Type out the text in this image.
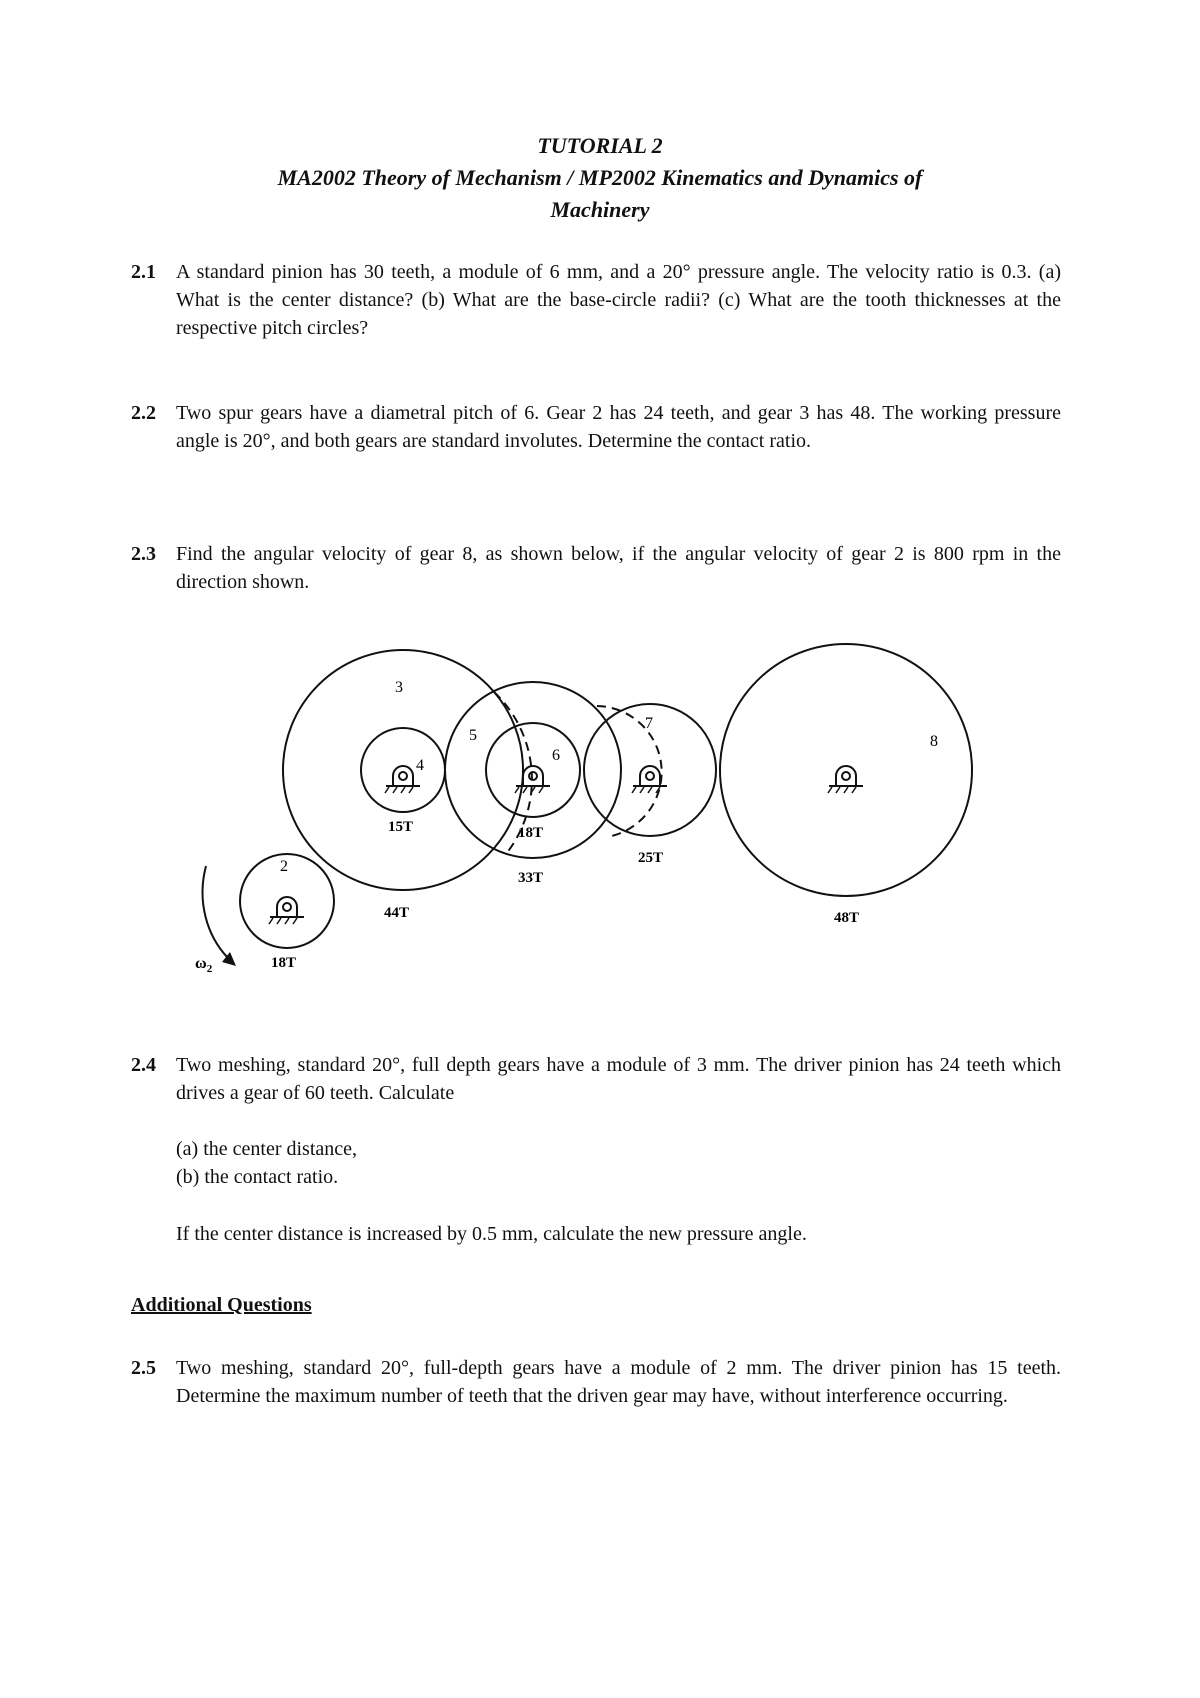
TUTORIAL 2
MA2002 Theory of Mechanism / MP2002 Kinematics and Dynamics of
Machinery
2.1 A standard pinion has 30 teeth, a module of 6 mm, and a 20° pressure angle. The velocity ratio is 0.3. (a) What is the center distance? (b) What are the base-circle radii? (c) What are the tooth thicknesses at the respective pitch circles?

2.2 Two spur gears have a diametral pitch of 6. Gear 2 has 24 teeth, and gear 3 has 48. The working pressure angle is 20°, and both gears are standard involutes. Determine the contact ratio.

2.3 Find the angular velocity of gear 8, as shown below, if the angular velocity of gear 2 is 800 rpm in the direction shown.

2
3
4
5
6
7
8
18T
44T
15T
33T
18T
25T
48T
$\omega_2$
2.4 Two meshing, standard 20°, full depth gears have a module of 3 mm. The driver pinion has 24 teeth which drives a gear of 60 teeth. Calculate

(a) the center distance,
(b) the contact ratio.
If the center distance is increased by 0.5 mm, calculate the new pressure angle.
Additional Questions
2.5 Two meshing, standard 20°, full-depth gears have a module of 2 mm. The driver pinion has 15 teeth. Determine the maximum number of teeth that the driven gear may have, without interference occurring.
